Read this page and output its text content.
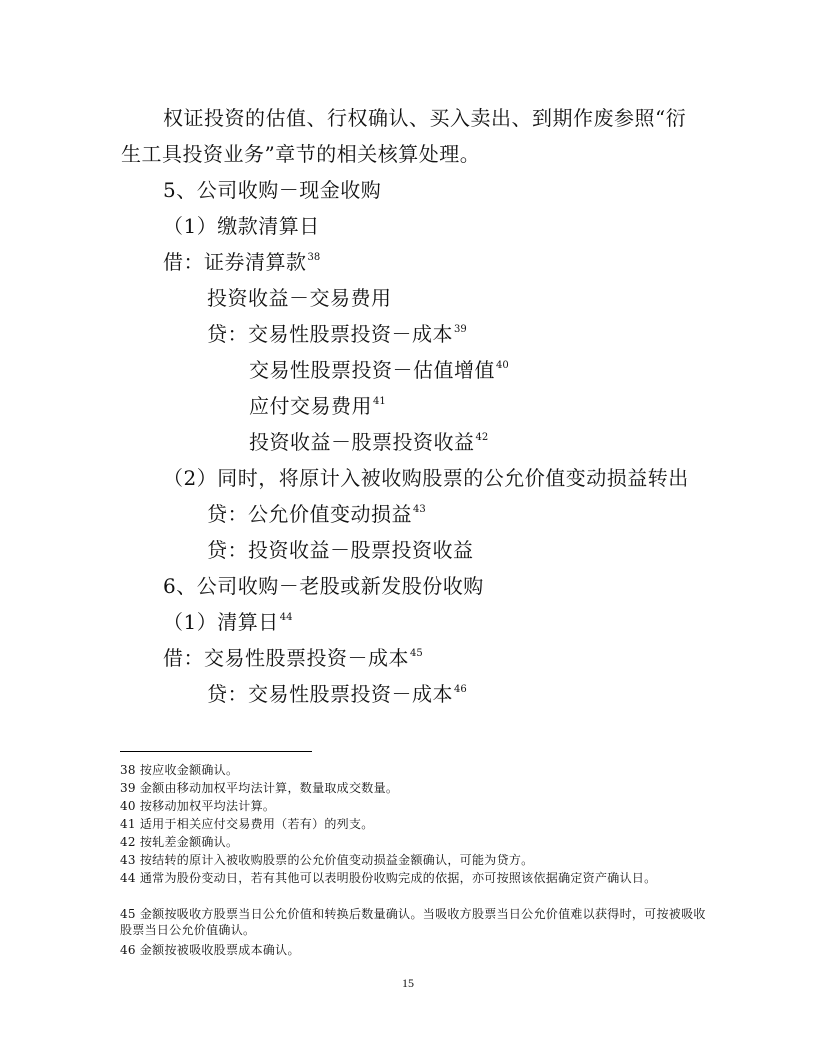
权证投资的估值、行权确认、买入卖出、到期作废参照“衍
生工具投资业务”章节的相关核算处理。
5、公司收购－现金收购
（1）缴款清算日
借：证券清算款$^{38}$
投资收益－交易费用
贷：交易性股票投资－成本$^{39}$
交易性股票投资－估值增值$^{40}$
应付交易费用$^{41}$
投资收益－股票投资收益$^{42}$
（2）同时，将原计入被收购股票的公允价值变动损益转出
贷：公允价值变动损益$^{43}$
贷：投资收益－股票投资收益
6、公司收购－老股或新发股份收购
（1）清算日$^{44}$
借：交易性股票投资－成本$^{45}$
贷：交易性股票投资－成本$^{46}$
38 按应收金额确认。
39 金额由移动加权平均法计算，数量取成交数量。
40 按移动加权平均法计算。
41 适用于相关应付交易费用（若有）的列支。
42 按轧差金额确认。
43 按结转的原计入被收购股票的公允价值变动损益金额确认，可能为贷方。
44 通常为股份变动日，若有其他可以表明股份收购完成的依据，亦可按照该依据确定资产确认日。
45 金额按吸收方股票当日公允价值和转换后数量确认。当吸收方股票当日公允价值难以获得时，可按被吸收股票当日公允价值确认。
46 金额按被吸收股票成本确认。
15
